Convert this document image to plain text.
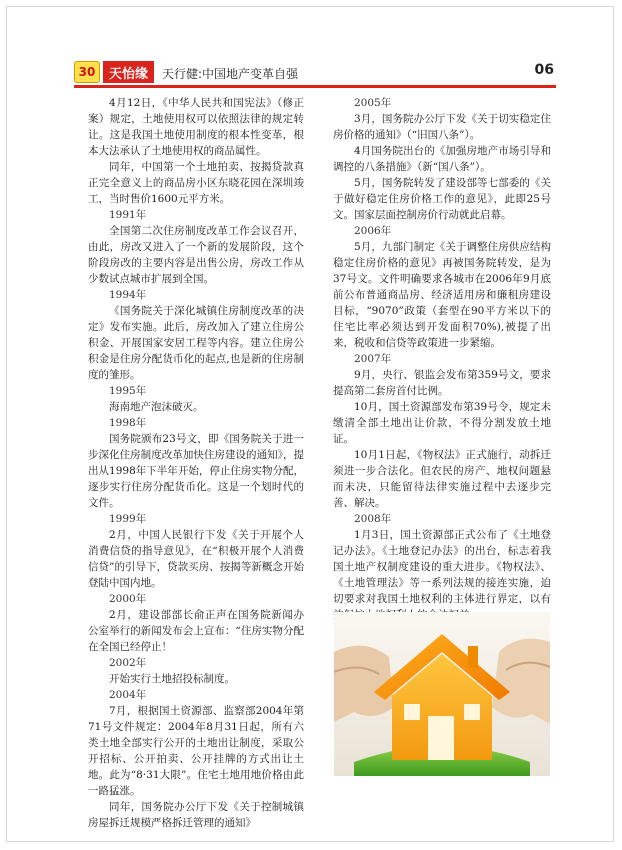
30	天怡缘	天行健:中国地产变革自强	06

4月12日，《中华人民共和国宪法》（修正案）规定，土地使用权可以依照法律的规定转让。这是我国土地使用制度的根本性变革，根本大法承认了土地使用权的商品属性。

同年，中国第一个土地拍卖、按揭贷款真正完全意义上的商品房小区东晓花园在深圳竣工，当时售价1600元平方米。

1991年

全国第二次住房制度改革工作会议召开，由此，房改又进入了一个新的发展阶段，这个阶段房改的主要内容是出售公房，房改工作从少数试点城市扩展到全国。

1994年

《国务院关于深化城镇住房制度改革的决定》发布实施。此后，房改加入了建立住房公积金、开展国家安居工程等内容。建立住房公积金是住房分配货币化的起点,也是新的住房制度的雏形。

1995年

海南地产泡沫破灭。

1998年

国务院颁布23号文，即《国务院关于进一步深化住房制度改革加快住房建设的通知》，提出从1998年下半年开始，停止住房实物分配，逐步实行住房分配货币化。这是一个划时代的文件。

1999年

2月，中国人民银行下发《关于开展个人消费信贷的指导意见》，在“积极开展个人消费信贷”的引导下，贷款买房、按揭等新概念开始登陆中国内地。

2000年

2月，建设部部长俞正声在国务院新闻办公室举行的新闻发布会上宣布：“住房实物分配在全国已经停止！

2002年

开始实行土地招投标制度。

2004年

7月，根据国土资源部、监察部2004年第71号文件规定：2004年8月31日起，所有六类土地全部实行公开的土地出让制度，采取公开招标、公开拍卖、公开挂牌的方式出让土地。此为“8·31大限”。住宅土地用地价格由此一路猛涨。

同年，国务院办公厅下发《关于控制城镇房屋拆迁规模严格拆迁管理的通知》

2005年

3月，国务院办公厅下发《关于切实稳定住房价格的通知》（“旧国八条”）。

4月国务院出台的《加强房地产市场引导和调控的八条措施》（新“国八条”）。

5月，国务院转发了建设部等七部委的《关于做好稳定住房价格工作的意见》，此即25号文。国家层面控制房价行动就此启幕。

2006年

5月，九部门制定《关于调整住房供应结构稳定住房价格的意见》再被国务院转发，是为37号文。文件明确要求各城市在2006年9月底前公布普通商品房、经济适用房和廉租房建设目标，“9070”政策（套型在90平方米以下的住宅比率必须达到开发面积70%),被提了出来，税收和信贷等政策进一步紧缩。

2007年

9月，央行、银监会发布第359号文，要求提高第二套房首付比例。

10月，国土资源部发布第39号令，规定未缴清全部土地出让价款，不得分割发放土地证。

10月1日起，《物权法》正式施行，动拆迁须进一步合法化。但农民的房产、地权问题悬而未决，只能留待法律实施过程中去逐步完善、解决。

2008年

1月3日，国土资源部正式公布了《土地登记办法》。《土地登记办法》的出台，标志着我国土地产权制度建设的重大进步。《物权法》、《土地管理法》等一系列法规的接连实施，迫切要求对我国土地权利的主体进行界定，以有
